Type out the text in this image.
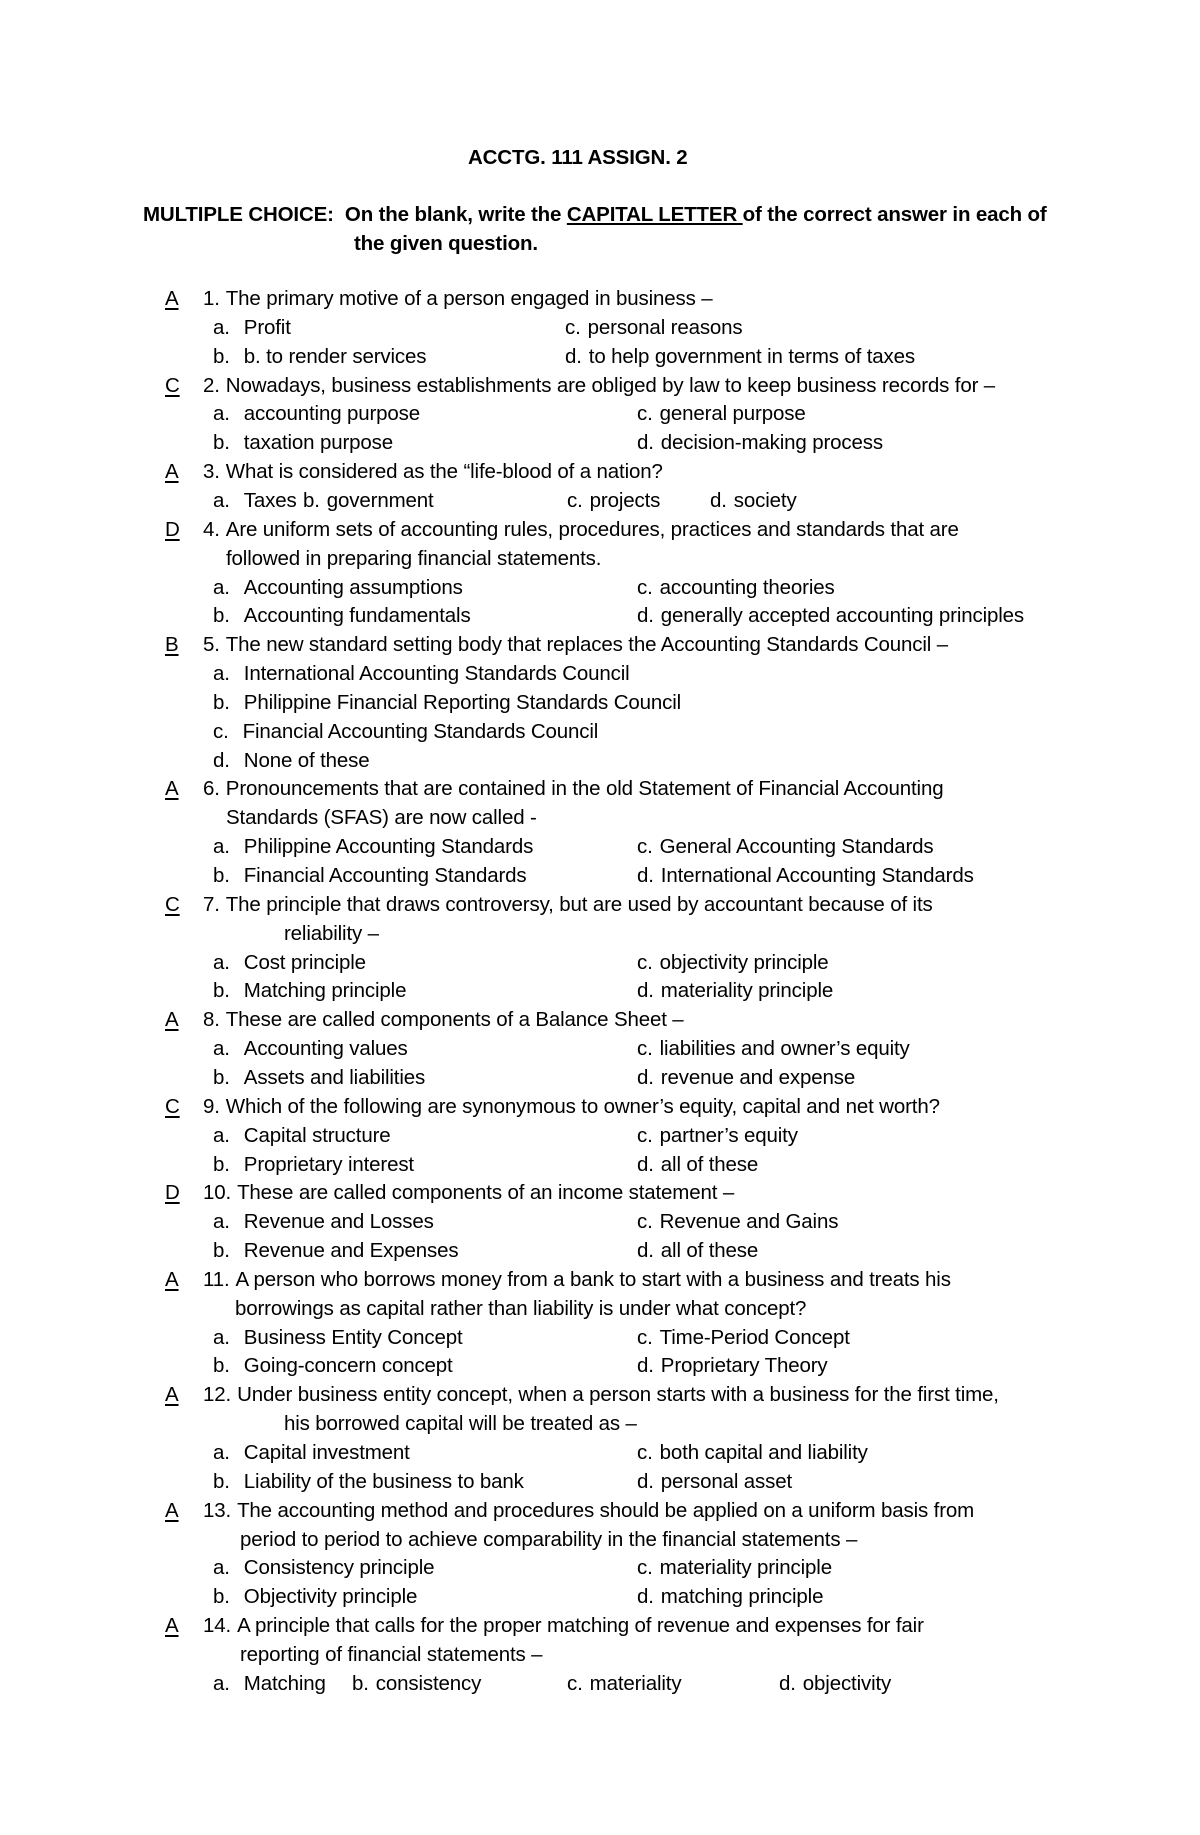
ACCTG. 111 ASSIGN. 2
MULTIPLE CHOICE: On the blank, write the CAPITAL LETTER of the correct answer in each of
the given question.
A	1. The primary motive of a person engaged in business –
a. Profit	c. personal reasons
b. b. to render services	d. to help government in terms of taxes
C	2. Nowadays, business establishments are obliged by law to keep business records for –
a. accounting purpose	c. general purpose
b. taxation purpose	d. decision-making process
A	3. What is considered as the “life-blood of a nation?
a. Taxes b. government	c. projects d. society
D	4. Are uniform sets of accounting rules, procedures, practices and standards that are
followed in preparing financial statements.
a. Accounting assumptions	c. accounting theories
b. Accounting fundamentals	d. generally accepted accounting principles
B	5. The new standard setting body that replaces the Accounting Standards Council –
a. International Accounting Standards Council
b. Philippine Financial Reporting Standards Council
c. Financial Accounting Standards Council
d. None of these
A	6. Pronouncements that are contained in the old Statement of Financial Accounting
Standards (SFAS) are now called -
a. Philippine Accounting Standards	c. General Accounting Standards
b. Financial Accounting Standards	d. International Accounting Standards
C	7. The principle that draws controversy, but are used by accountant because of its
reliability –
a. Cost principle	c. objectivity principle
b. Matching principle	d. materiality principle
A	8. These are called components of a Balance Sheet –
a. Accounting values	c. liabilities and owner’s equity
b. Assets and liabilities	d. revenue and expense
C	9. Which of the following are synonymous to owner’s equity, capital and net worth?
a. Capital structure	c. partner’s equity
b. Proprietary interest	d. all of these
D	10. These are called components of an income statement –
a. Revenue and Losses	c. Revenue and Gains
b. Revenue and Expenses	d. all of these
A	11. A person who borrows money from a bank to start with a business and treats his
borrowings as capital rather than liability is under what concept?
a. Business Entity Concept	c. Time-Period Concept
b. Going-concern concept	d. Proprietary Theory
A	12. Under business entity concept, when a person starts with a business for the first time,
his borrowed capital will be treated as –
a. Capital investment	c. both capital and liability
b. Liability of the business to bank	d. personal asset
A	13. The accounting method and procedures should be applied on a uniform basis from
period to period to achieve comparability in the financial statements –
a. Consistency principle	c. materiality principle
b. Objectivity principle	d. matching principle
A	14. A principle that calls for the proper matching of revenue and expenses for fair
reporting of financial statements –
a. Matching b. consistency	c. materiality	d. objectivity
